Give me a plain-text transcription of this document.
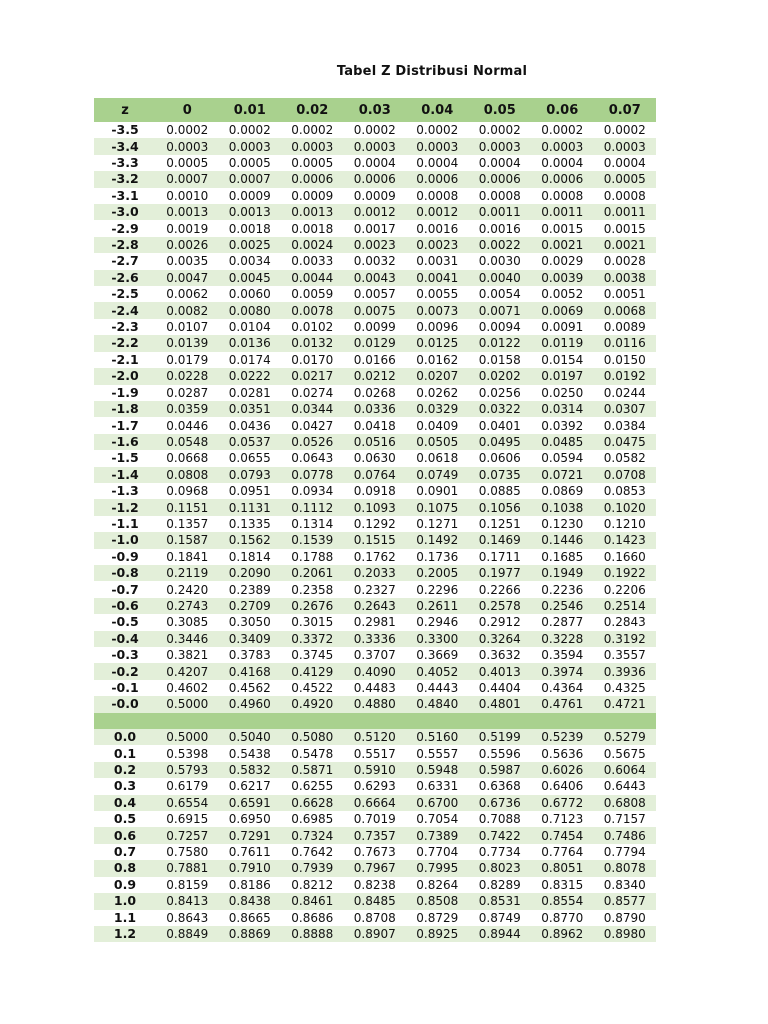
Tabel Z Distribusi Normal
z	0	0.01	0.02	0.03	0.04	0.05	0.06	0.07
-3.5	0.0002	0.0002	0.0002	0.0002	0.0002	0.0002	0.0002	0.0002
-3.4	0.0003	0.0003	0.0003	0.0003	0.0003	0.0003	0.0003	0.0003
-3.3	0.0005	0.0005	0.0005	0.0004	0.0004	0.0004	0.0004	0.0004
-3.2	0.0007	0.0007	0.0006	0.0006	0.0006	0.0006	0.0006	0.0005
-3.1	0.0010	0.0009	0.0009	0.0009	0.0008	0.0008	0.0008	0.0008
-3.0	0.0013	0.0013	0.0013	0.0012	0.0012	0.0011	0.0011	0.0011
-2.9	0.0019	0.0018	0.0018	0.0017	0.0016	0.0016	0.0015	0.0015
-2.8	0.0026	0.0025	0.0024	0.0023	0.0023	0.0022	0.0021	0.0021
-2.7	0.0035	0.0034	0.0033	0.0032	0.0031	0.0030	0.0029	0.0028
-2.6	0.0047	0.0045	0.0044	0.0043	0.0041	0.0040	0.0039	0.0038
-2.5	0.0062	0.0060	0.0059	0.0057	0.0055	0.0054	0.0052	0.0051
-2.4	0.0082	0.0080	0.0078	0.0075	0.0073	0.0071	0.0069	0.0068
-2.3	0.0107	0.0104	0.0102	0.0099	0.0096	0.0094	0.0091	0.0089
-2.2	0.0139	0.0136	0.0132	0.0129	0.0125	0.0122	0.0119	0.0116
-2.1	0.0179	0.0174	0.0170	0.0166	0.0162	0.0158	0.0154	0.0150
-2.0	0.0228	0.0222	0.0217	0.0212	0.0207	0.0202	0.0197	0.0192
-1.9	0.0287	0.0281	0.0274	0.0268	0.0262	0.0256	0.0250	0.0244
-1.8	0.0359	0.0351	0.0344	0.0336	0.0329	0.0322	0.0314	0.0307
-1.7	0.0446	0.0436	0.0427	0.0418	0.0409	0.0401	0.0392	0.0384
-1.6	0.0548	0.0537	0.0526	0.0516	0.0505	0.0495	0.0485	0.0475
-1.5	0.0668	0.0655	0.0643	0.0630	0.0618	0.0606	0.0594	0.0582
-1.4	0.0808	0.0793	0.0778	0.0764	0.0749	0.0735	0.0721	0.0708
-1.3	0.0968	0.0951	0.0934	0.0918	0.0901	0.0885	0.0869	0.0853
-1.2	0.1151	0.1131	0.1112	0.1093	0.1075	0.1056	0.1038	0.1020
-1.1	0.1357	0.1335	0.1314	0.1292	0.1271	0.1251	0.1230	0.1210
-1.0	0.1587	0.1562	0.1539	0.1515	0.1492	0.1469	0.1446	0.1423
-0.9	0.1841	0.1814	0.1788	0.1762	0.1736	0.1711	0.1685	0.1660
-0.8	0.2119	0.2090	0.2061	0.2033	0.2005	0.1977	0.1949	0.1922
-0.7	0.2420	0.2389	0.2358	0.2327	0.2296	0.2266	0.2236	0.2206
-0.6	0.2743	0.2709	0.2676	0.2643	0.2611	0.2578	0.2546	0.2514
-0.5	0.3085	0.3050	0.3015	0.2981	0.2946	0.2912	0.2877	0.2843
-0.4	0.3446	0.3409	0.3372	0.3336	0.3300	0.3264	0.3228	0.3192
-0.3	0.3821	0.3783	0.3745	0.3707	0.3669	0.3632	0.3594	0.3557
-0.2	0.4207	0.4168	0.4129	0.4090	0.4052	0.4013	0.3974	0.3936
-0.1	0.4602	0.4562	0.4522	0.4483	0.4443	0.4404	0.4364	0.4325
-0.0	0.5000	0.4960	0.4920	0.4880	0.4840	0.4801	0.4761	0.4721

0.0	0.5000	0.5040	0.5080	0.5120	0.5160	0.5199	0.5239	0.5279
0.1	0.5398	0.5438	0.5478	0.5517	0.5557	0.5596	0.5636	0.5675
0.2	0.5793	0.5832	0.5871	0.5910	0.5948	0.5987	0.6026	0.6064
0.3	0.6179	0.6217	0.6255	0.6293	0.6331	0.6368	0.6406	0.6443
0.4	0.6554	0.6591	0.6628	0.6664	0.6700	0.6736	0.6772	0.6808
0.5	0.6915	0.6950	0.6985	0.7019	0.7054	0.7088	0.7123	0.7157
0.6	0.7257	0.7291	0.7324	0.7357	0.7389	0.7422	0.7454	0.7486
0.7	0.7580	0.7611	0.7642	0.7673	0.7704	0.7734	0.7764	0.7794
0.8	0.7881	0.7910	0.7939	0.7967	0.7995	0.8023	0.8051	0.8078
0.9	0.8159	0.8186	0.8212	0.8238	0.8264	0.8289	0.8315	0.8340
1.0	0.8413	0.8438	0.8461	0.8485	0.8508	0.8531	0.8554	0.8577
1.1	0.8643	0.8665	0.8686	0.8708	0.8729	0.8749	0.8770	0.8790
1.2	0.8849	0.8869	0.8888	0.8907	0.8925	0.8944	0.8962	0.8980
